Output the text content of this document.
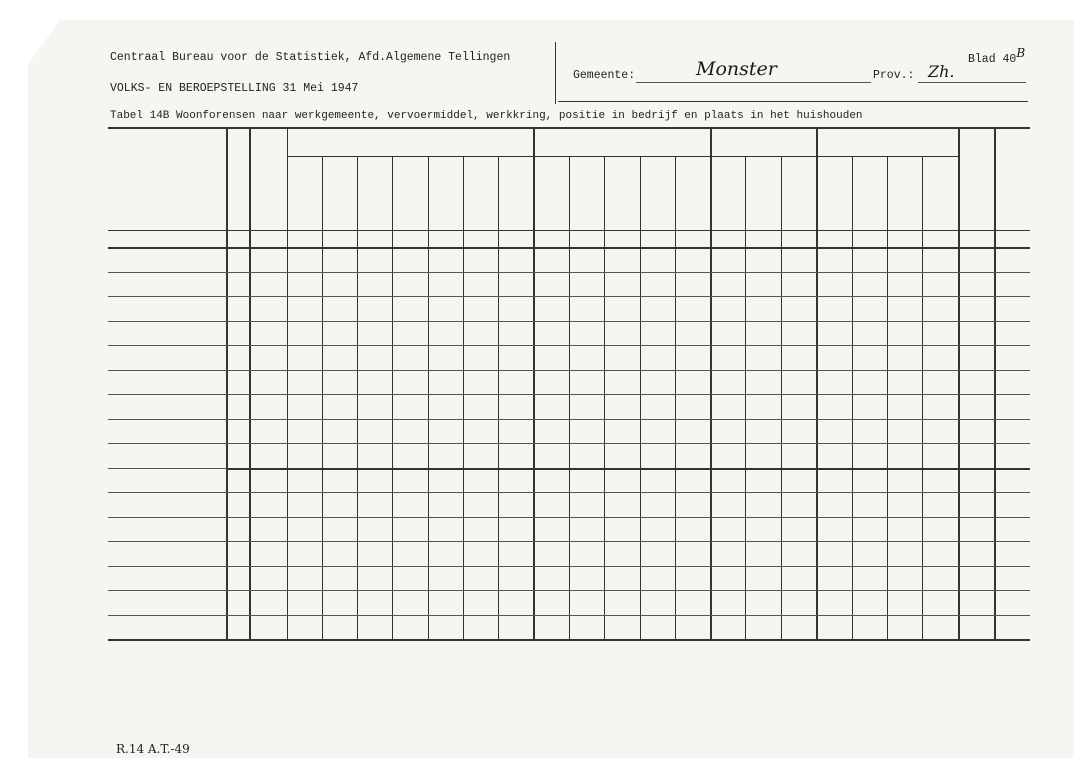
Centraal Bureau voor de Statistiek, Afd.Algemene Tellingen
VOLKS- EN BEROEPSTELLING 31 Mei 1947
Gemeente:	Monster	Prov.: Zh.
Blad $40^B$
Tabel 14B Woonforensen naar werkgemeente, vervoermiddel, werkkring, positie in bedrijf en plaats in het huishouden
R.14 A.T.-49
